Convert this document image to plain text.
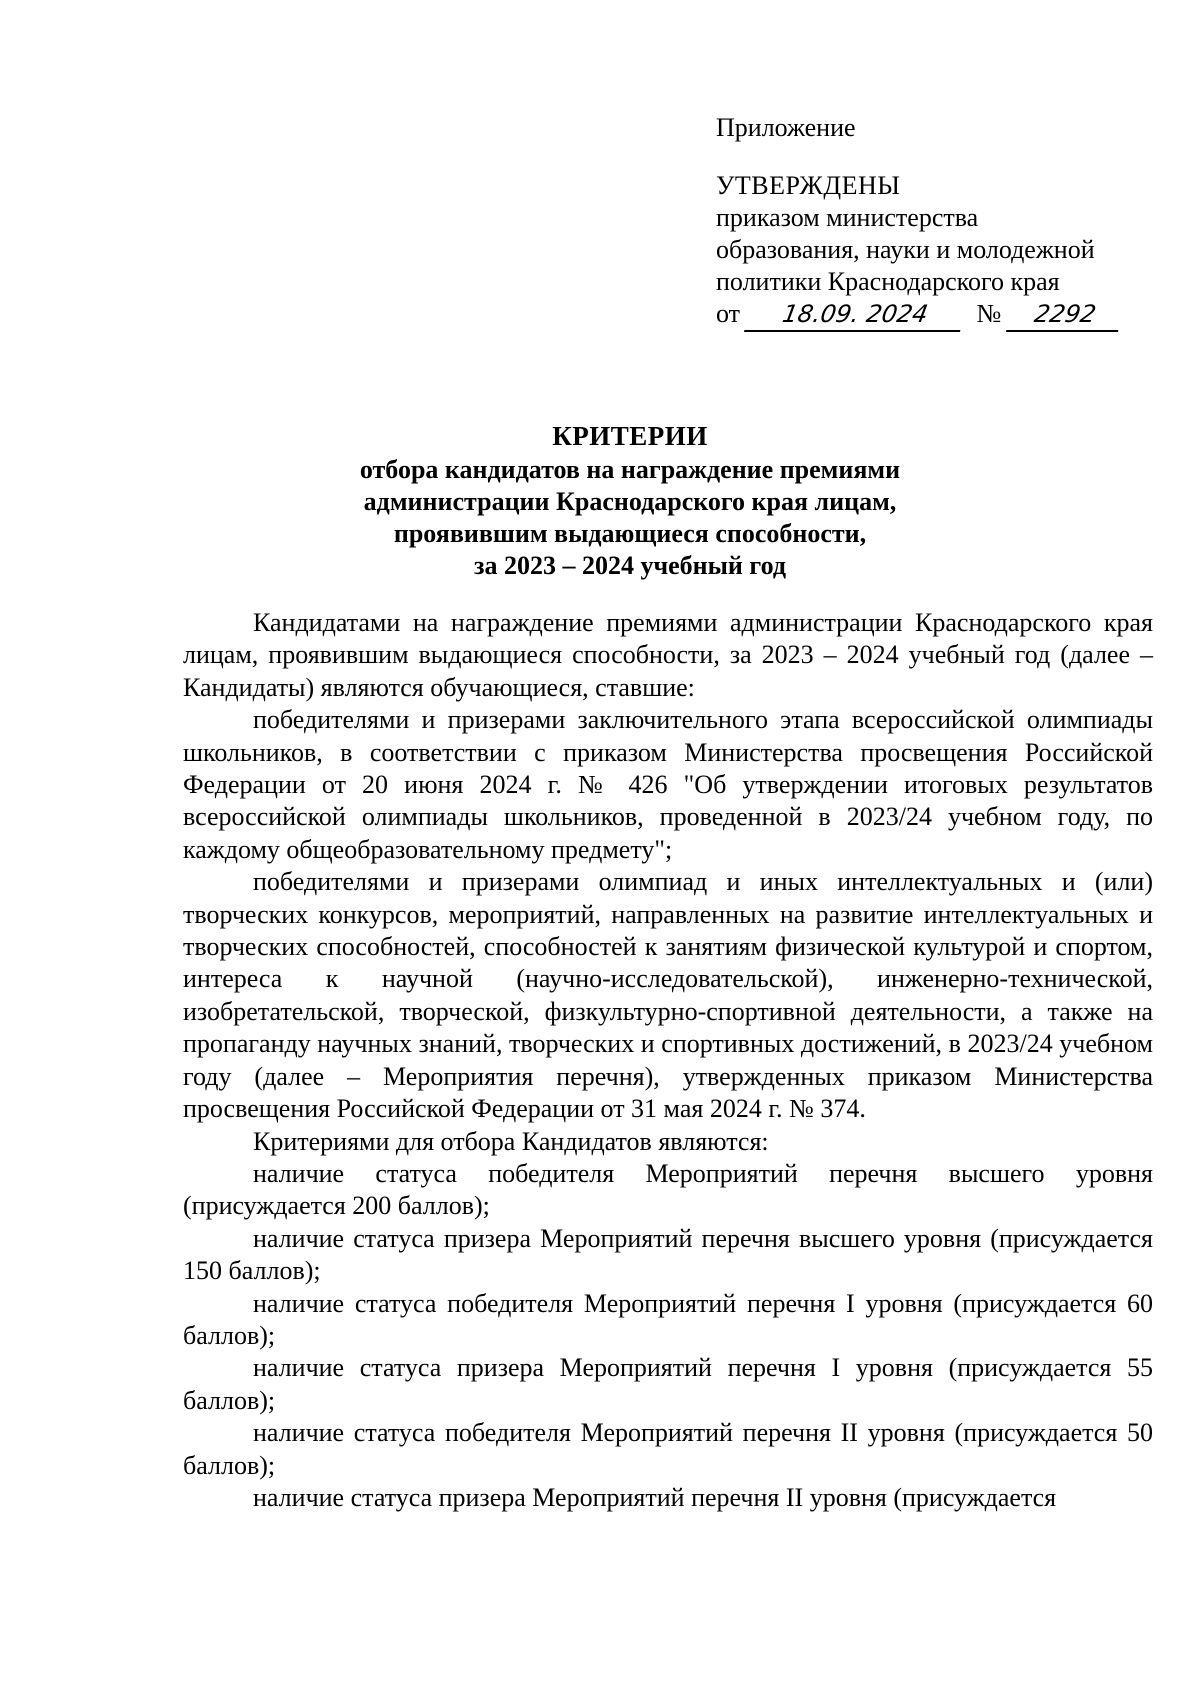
Приложение
УТВЕРЖДЕНЫ
приказом министерства
образования, науки и молодежной
политики Краснодарского края
от 18.09. 2024 № 2292
КРИТЕРИИ
отбора кандидатов на награждение премиями
администрации Краснодарского края лицам,
проявившим выдающиеся способности,
за 2023 – 2024 учебный год

Кандидатами на награждение премиями администрации Краснодарского края лицам, проявившим выдающиеся способности, за 2023 – 2024 учебный год (далее – Кандидаты) являются обучающиеся, ставшие:

победителями и призерами заключительного этапа всероссийской олимпиады школьников, в соответствии с приказом Министерства просвещения Российской Федерации от 20 июня 2024 г. № 426 "Об утверждении итоговых результатов всероссийской олимпиады школьников, проведенной в 2023/24 учебном году, по каждому общеобразовательному предмету";

победителями и призерами олимпиад и иных интеллектуальных и (или) творческих конкурсов, мероприятий, направленных на развитие интеллектуальных и творческих способностей, способностей к занятиям физической культурой и спортом, интереса к научной (научно-исследовательской), инженерно-технической, изобретательской, творческой, физкультурно-спортивной деятельности, а также на пропаганду научных знаний, творческих и спортивных достижений, в 2023/24 учебном году (далее – Мероприятия перечня), утвержденных приказом Министерства просвещения Российской Федерации от 31 мая 2024 г. № 374.

Критериями для отбора Кандидатов являются:

наличие статуса победителя Мероприятий перечня высшего уровня (присуждается 200 баллов);

наличие статуса призера Мероприятий перечня высшего уровня (присуждается 150 баллов);

наличие статуса победителя Мероприятий перечня I уровня (присуждается 60 баллов);

наличие статуса призера Мероприятий перечня I уровня (присуждается 55 баллов);

наличие статуса победителя Мероприятий перечня II уровня (присуждается 50 баллов);

наличие статуса призера Мероприятий перечня II уровня (присуждается
